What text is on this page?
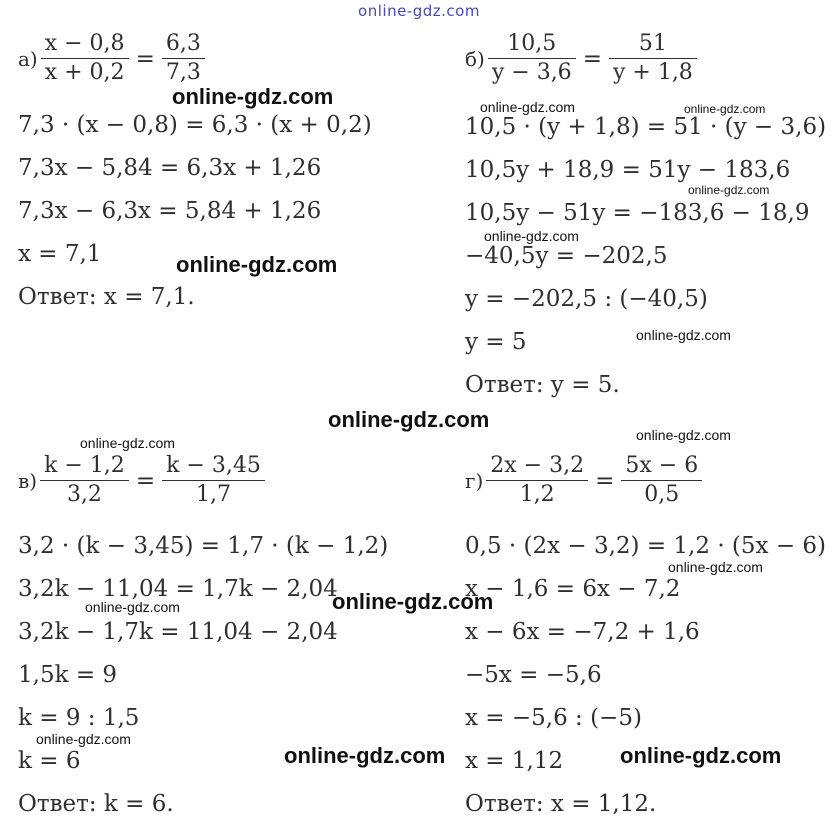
online-gdz.com
$а) \frac{x - 0,8}{x + 0,2} = \frac{6,3}{7,3}$
7,3 · (x − 0,8) = 6,3 · (x + 0,2)
7,3x − 5,84 = 6,3x + 1,26
7,3x − 6,3x = 5,84 + 1,26
x = 7,1
Ответ: x = 7,1.
$б) \frac{10,5}{y - 3,6} = \frac{51}{y + 1,8}$
10,5 · (y + 1,8) = 51 · (y − 3,6)
10,5y + 18,9 = 51y − 183,6
10,5y − 51y = −183,6 − 18,9
−40,5y = −202,5
y = −202,5 : (−40,5)
y = 5
Ответ: y = 5.
$в) \frac{k - 1,2}{3,2} = \frac{k - 3,45}{1,7}$
3,2 · (k − 3,45) = 1,7 · (k − 1,2)
3,2k − 11,04 = 1,7k − 2,04
3,2k − 1,7k = 11,04 − 2,04
1,5k = 9
k = 9 : 1,5
k = 6
Ответ: k = 6.
$г) \frac{2x - 3,2}{1,2} = \frac{5x - 6}{0,5}$
0,5 · (2x − 3,2) = 1,2 · (5x − 6)
x − 1,6 = 6x − 7,2
x − 6x = −7,2 + 1,6
−5x = −5,6
x = −5,6 : (−5)
x = 1,12
Ответ: x = 1,12.
online-gdz.com	online-gdz.com	online-gdz.com
online-gdz.com
online-gdz.com
online-gdz.com
online-gdz.com
online-gdz.com
online-gdz.com	online-gdz.com
online-gdz.com
online-gdz.com
online-gdz.com
online-gdz.com
online-gdz.com	online-gdz.com
